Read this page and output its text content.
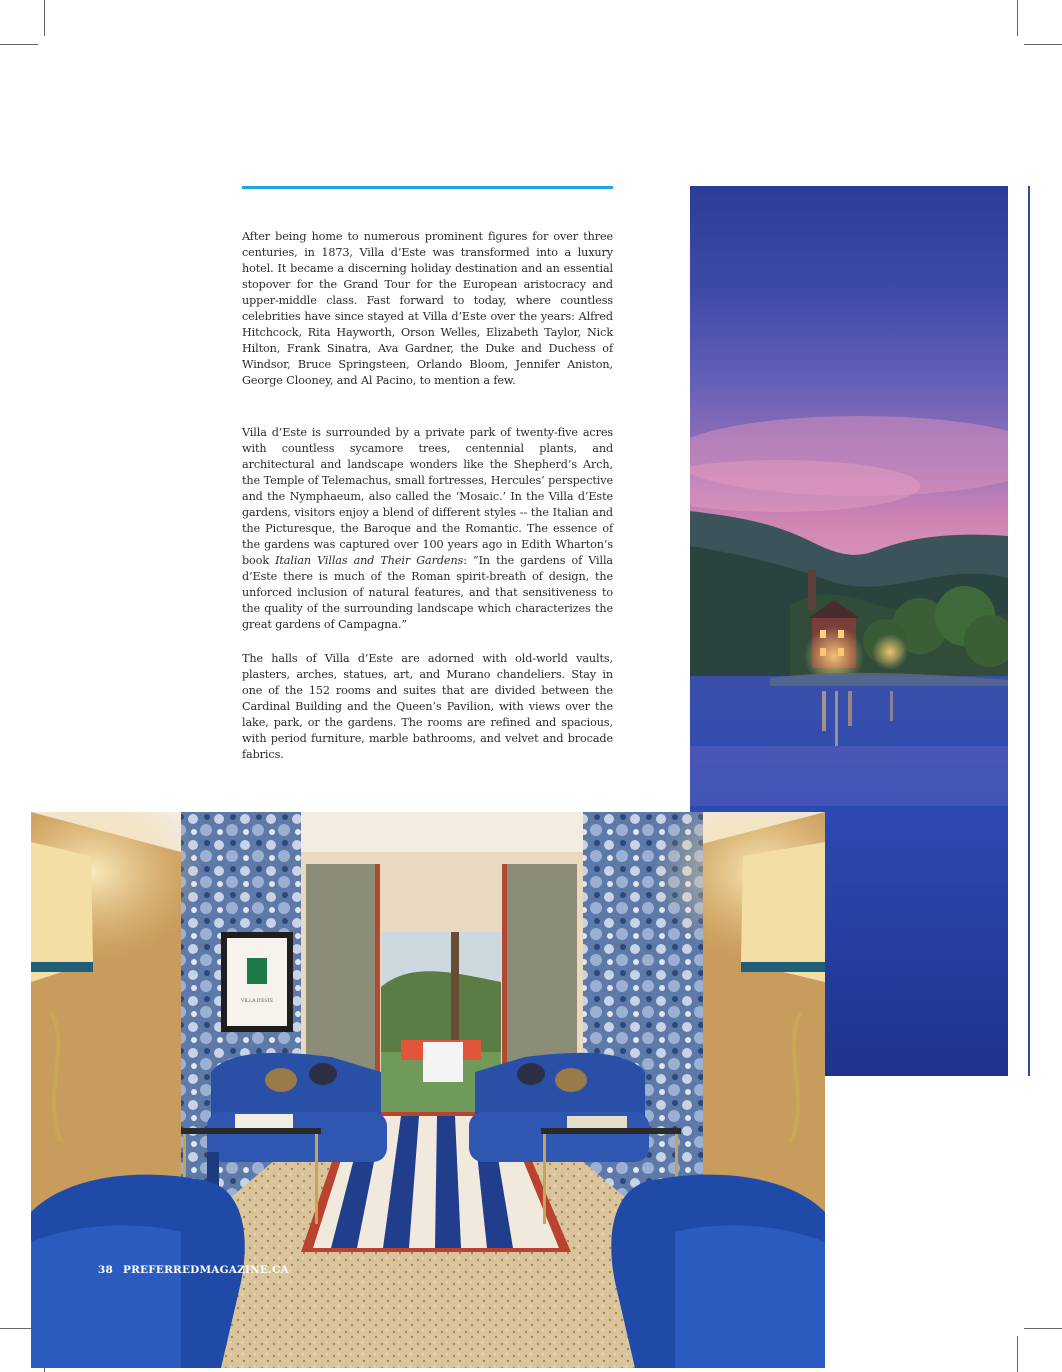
After being home to numerous prominent figures for over three centuries, in 1873, Villa d’Este was transformed into a luxury hotel. It became a discerning holiday destination and an essential stopover for the Grand Tour for the European aristocracy and upper-middle class. Fast forward to today, where countless celebrities have since stayed at Villa d’Este over the years: Alfred Hitchcock, Rita Hayworth, Orson Welles, Elizabeth Taylor, Nick Hilton, Frank Sinatra, Ava Gardner, the Duke and Duchess of Windsor, Bruce Springsteen, Orlando Bloom, Jennifer Aniston, George Clooney, and Al Pacino, to mention a few.

Villa d’Este is surrounded by a private park of twenty-five acres with countless sycamore trees, centennial plants, and architectural and landscape wonders like the Shepherd’s Arch, the Temple of Telemachus, small fortresses, Hercules’ perspective and the Nymphaeum, also called the ‘Mosaic.’ In the Villa d’Este gardens, visitors enjoy a blend of different styles -- the Italian and the Picturesque, the Baroque and the Romantic. The essence of the gardens was captured over 100 years ago in Edith Wharton’s book Italian Villas and Their Gardens: “In the gardens of Villa d’Este there is much of the Roman spirit-breath of design, the unforced inclusion of natural features, and that sensitiveness to the quality of the surrounding landscape which characterizes the great gardens of Campagna.”

The halls of Villa d’Este are adorned with old-world vaults, plasters, arches, statues, art, and Murano chandeliers. Stay in one of the 152 rooms and suites that are divided between the Cardinal Building and the Queen’s Pavilion, with views over the lake, park, or the gardens. The rooms are refined and spacious, with period furniture, marble bathrooms, and velvet and brocade fabrics.

VILLA D'ESTE
38 PREFERREDMAGAZINE.CA
